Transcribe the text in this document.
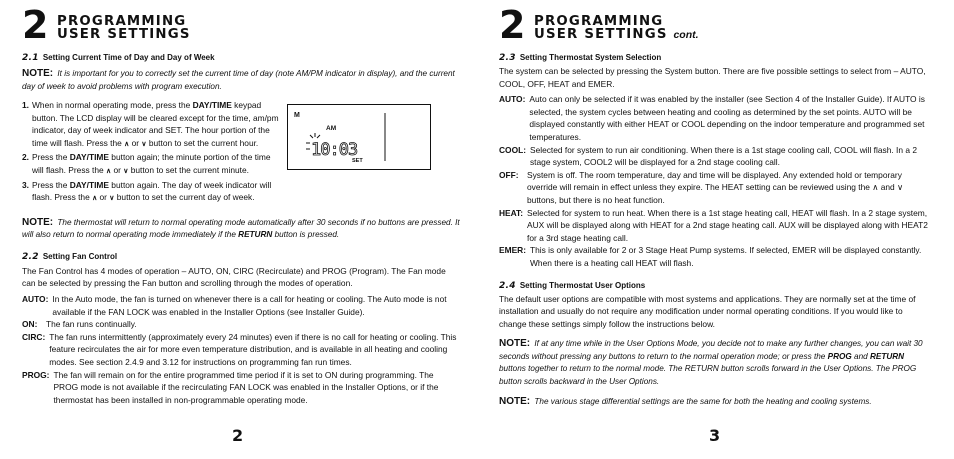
2 PROGRAMMING
USER SETTINGS
2.1 Setting Current Time of Day and Day of Week
NOTE: It is important for you to correctly set the current time of day (note AM/PM indicator in display), and the current day of week to avoid problems with program execution.
1. When in normal operating mode, press the DAY/TIME keypad button. The LCD display will be cleared except for the time, am/pm indicator, day of week indicator and SET. The hour portion of the time will flash. Press the ∧ or ∨ button to set the current hour.
2. Press the DAY/TIME button again; the minute portion of the time will flash. Press the ∧ or ∨ button to set the current minute.
3. Press the DAY/TIME button again. The day of week indicator will flash. Press the ∧ or ∨ button to set the current day of week.
M
AM
10:03
SET
NOTE: The thermostat will return to normal operating mode automatically after 30 seconds if no buttons are pressed. It will also return to normal operating mode immediately if the RETURN button is pressed.
2.2 Setting Fan Control
The Fan Control has 4 modes of operation – AUTO, ON, CIRC (Recirculate) and PROG (Program). The Fan mode can be selected by pressing the Fan button and scrolling through the modes of operation.
AUTO: In the Auto mode, the fan is turned on whenever there is a call for heating or cooling. The Auto mode is not available if the FAN LOCK was enabled in the Installer Options (see Installer Guide).
ON:	The fan runs continually.
CIRC: The fan runs intermittently (approximately every 24 minutes) even if there is no call for heating or cooling. This feature recirculates the air for more even temperature distribution, and is available in all heating and cooling modes. See section 2.4.9 and 3.12 for instructions on programming fan run times.
PROG: The fan will remain on for the entire programmed time period if it is set to ON during programming. The PROG mode is not available if the recirculating FAN LOCK was enabled in the Installer Options, or if the thermostat has been installed in non-programmable operating mode.
2
2 PROGRAMMING
USER SETTINGS cont.
2.3 Setting Thermostat System Selection
The system can be selected by pressing the System button. There are five possible settings to select from – AUTO, COOL, OFF, HEAT and EMER.
AUTO: Auto can only be selected if it was enabled by the installer (see Section 4 of the Installer Guide). If AUTO is selected, the system cycles between heating and cooling as determined by the set points. AUTO will be displayed constantly with either HEAT or COOL depending on the indoor temperature and programmed set temperatures.
COOL: Selected for system to run air conditioning. When there is a 1st stage cooling call, COOL will flash. In a 2 stage system, COOL2 will be displayed for a 2nd stage cooling call.
OFF:	System is off. The room temperature, day and time will be displayed. Any extended hold or temporary override will remain in effect unless they expire. The HEAT setting can be reviewed using the ∧ and ∨ buttons, but there is no heat function.
HEAT: Selected for system to run heat. When there is a 1st stage heating call, HEAT will flash. In a 2 stage system, AUX will be displayed along with HEAT for a 2nd stage heating call. AUX will be displayed along with HEAT2 for a 3rd stage heating call.
EMER: This is only available for 2 or 3 Stage Heat Pump systems. If selected, EMER will be displayed constantly. When there is a heating call HEAT will flash.
2.4 Setting Thermostat User Options
The default user options are compatible with most systems and applications. They are normally set at the time of installation and usually do not require any modification under normal operating conditions. If you would like to change these settings simply follow the instructions below.
NOTE: If at any time while in the User Options Mode, you decide not to make any further changes, you can wait 30 seconds without pressing any buttons to return to the normal operation mode; or press the PROG and RETURN buttons together to return to the normal mode. The RETURN button scrolls forward in the User Options. The PROG button scrolls backward in the User Options.
NOTE: The various stage differential settings are the same for both the heating and cooling systems.
3
